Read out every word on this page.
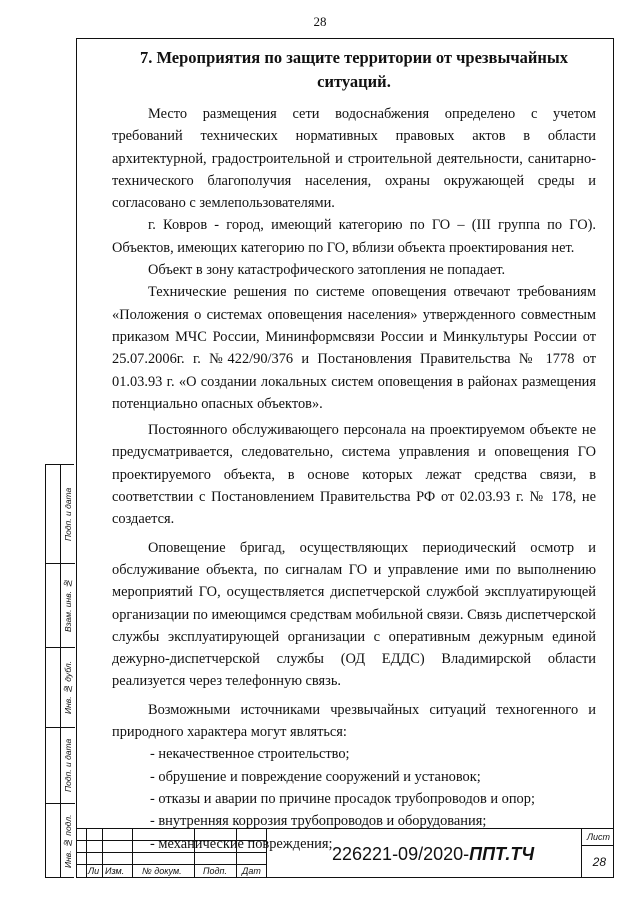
28

7. Мероприятия по защите территории от чрезвычайных ситуаций.

Место размещения сети водоснабжения определено с учетом требований технических нормативных правовых актов в области архитектурной, градостроительной и строительной деятельности, санитарно-технического благополучия населения, охраны окружающей среды и согласовано с землепользователями.

г. Ковров - город, имеющий категорию по ГО – (III группа по ГО). Объектов, имеющих категорию по ГО, вблизи объекта проектирования нет.

Объект в зону катастрофического затопления не попадает.

Технические решения по системе оповещения отвечают требованиям «Положения о системах оповещения населения» утвержденного совместным приказом МЧС России, Мининформсвязи России и Минкультуры России от 25.07.2006г. г. №422/90/376 и Постановления Правительства № 1778 от 01.03.93 г. «О создании локальных систем оповещения в районах размещения потенциально опасных объектов».

Постоянного обслуживающего персонала на проектируемом объекте не предусматривается, следовательно, система управления и оповещения ГО проектируемого объекта, в основе которых лежат средства связи, в соответствии с Постановлением Правительства РФ от 02.03.93 г. № 178, не создается.

Оповещение бригад, осуществляющих периодический осмотр и обслуживание объекта, по сигналам ГО и управление ими по выполнению мероприятий ГО, осуществляется диспетчерской службой эксплуатирующей организации по имеющимся средствам мобильной связи. Связь диспетчерской службы эксплуатирующей организации с оперативным дежурным единой дежурно-диспетчерской службы (ОД ЕДДС) Владимирской области реализуется через телефонную связь.

Возможными источниками чрезвычайных ситуаций техногенного и природного характера могут являться:

- некачественное строительство;

- обрушение и повреждение сооружений и установок;

- отказы и аварии по причине просадок трубопроводов и опор;

- внутренняя коррозия трубопроводов и оборудования;

- механические повреждения;

Подп. и дата
Взам. инв. №
Инв. № дубл.
Подп. и дата
Инв. № подл.
Ли Изм. № докум. Подп. Дат
226221-09/2020-ППТ.ТЧ
Лист
28
